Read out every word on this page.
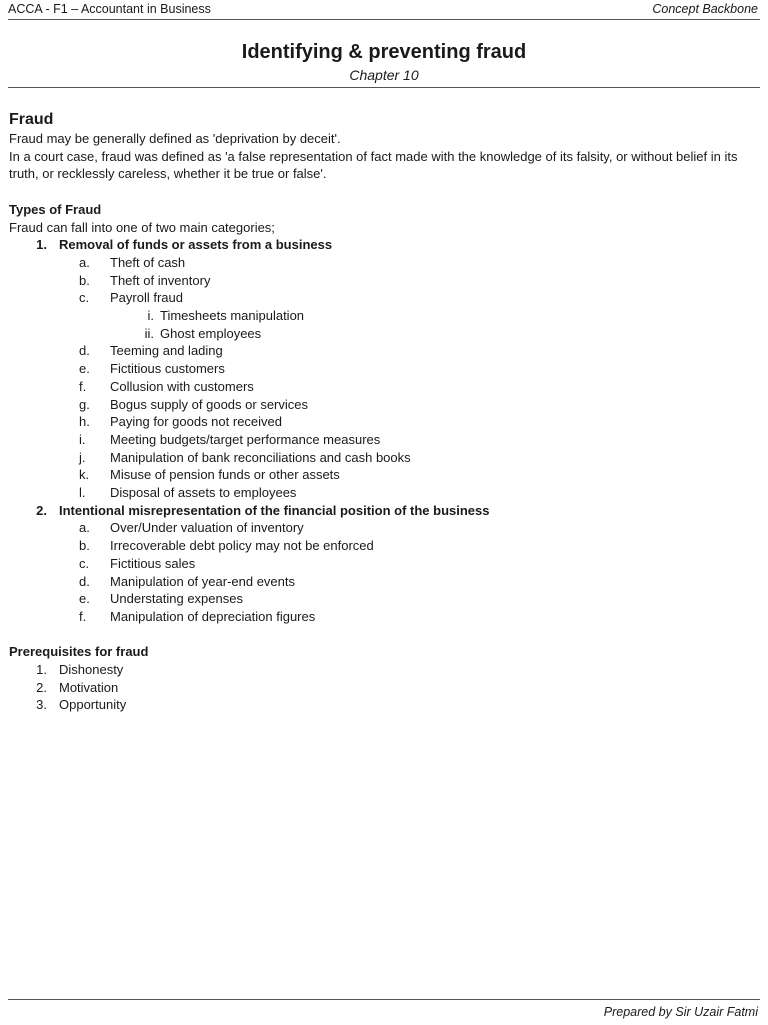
ACCA - F1 – Accountant in Business	Concept Backbone
Identifying & preventing fraud

Chapter 10

Fraud

Fraud may be generally defined as 'deprivation by deceit'.

In a court case, fraud was defined as 'a false representation of fact made with the knowledge of its falsity, or without belief in its truth, or recklessly careless, whether it be true or false'.

Types of Fraud

Fraud can fall into one of two main categories;

1. Removal of funds or assets from a business
a.	Theft of cash
b.	Theft of inventory
c.	Payroll fraud
i. Timesheets manipulation
ii. Ghost employees
d.	Teeming and lading
e.	Fictitious customers
f.	Collusion with customers
g.	Bogus supply of goods or services
h.	Paying for goods not received
i.	Meeting budgets/target performance measures
j.	Manipulation of bank reconciliations and cash books
k.	Misuse of pension funds or other assets
l.	Disposal of assets to employees
2. Intentional misrepresentation of the financial position of the business
a.	Over/Under valuation of inventory
b.	Irrecoverable debt policy may not be enforced
c.	Fictitious sales
d.	Manipulation of year-end events
e.	Understating expenses
f.	Manipulation of depreciation figures
Prerequisites for fraud
1. Dishonesty
2. Motivation
3. Opportunity
Prepared by Sir Uzair Fatmi
